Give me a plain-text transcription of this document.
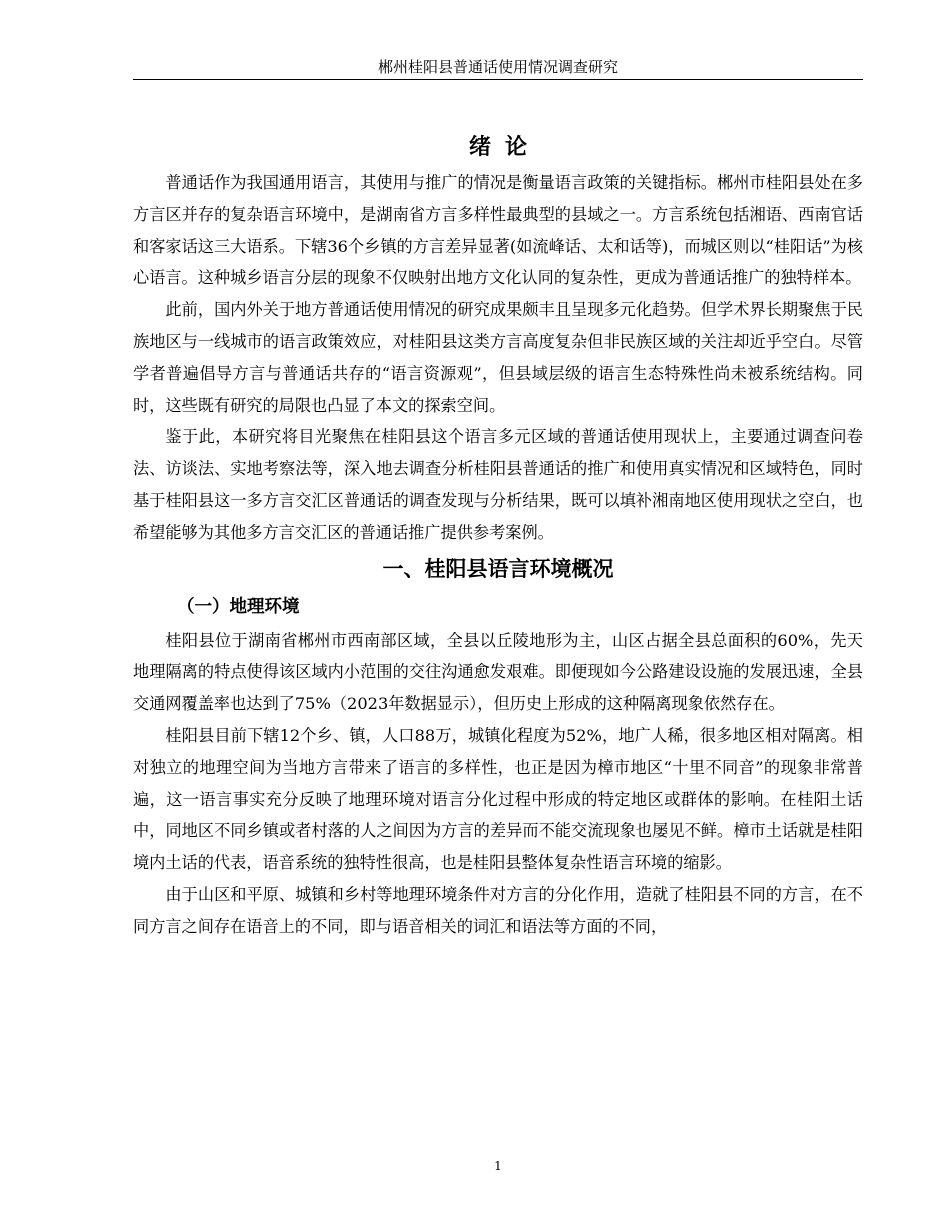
郴州桂阳县普通话使用情况调查研究
绪论

普通话作为我国通用语言，其使用与推广的情况是衡量语言政策的关键指标。郴州市桂阳县处在多方言区并存的复杂语言环境中，是湖南省方言多样性最典型的县域之一。方言系统包括湘语、西南官话和客家话这三大语系。下辖36个乡镇的方言差异显著(如流峰话、太和话等)，而城区则以“桂阳话”为核心语言。这种城乡语言分层的现象不仅映射出地方文化认同的复杂性，更成为普通话推广的独特样本。

此前，国内外关于地方普通话使用情况的研究成果颇丰且呈现多元化趋势。但学术界长期聚焦于民族地区与一线城市的语言政策效应，对桂阳县这类方言高度复杂但非民族区域的关注却近乎空白。尽管学者普遍倡导方言与普通话共存的“语言资源观”，但县域层级的语言生态特殊性尚未被系统结构。同时，这些既有研究的局限也凸显了本文的探索空间。

鉴于此，本研究将目光聚焦在桂阳县这个语言多元区域的普通话使用现状上，主要通过调查问卷法、访谈法、实地考察法等，深入地去调查分析桂阳县普通话的推广和使用真实情况和区域特色，同时基于桂阳县这一多方言交汇区普通话的调查发现与分析结果，既可以填补湘南地区使用现状之空白，也希望能够为其他多方言交汇区的普通话推广提供参考案例。

一、桂阳县语言环境概况
（一）地理环境

桂阳县位于湖南省郴州市西南部区域，全县以丘陵地形为主，山区占据全县总面积的60%，先天地理隔离的特点使得该区域内小范围的交往沟通愈发艰难。即便现如今公路建设设施的发展迅速，全县交通网覆盖率也达到了75%（2023年数据显示），但历史上形成的这种隔离现象依然存在。

桂阳县目前下辖12个乡、镇，人口88万，城镇化程度为52%，地广人稀，很多地区相对隔离。相对独立的地理空间为当地方言带来了语言的多样性，也正是因为樟市地区“十里不同音”的现象非常普遍，这一语言事实充分反映了地理环境对语言分化过程中形成的特定地区或群体的影响。在桂阳土话中，同地区不同乡镇或者村落的人之间因为方言的差异而不能交流现象也屡见不鲜。樟市土话就是桂阳境内土话的代表，语音系统的独特性很高，也是桂阳县整体复杂性语言环境的缩影。

由于山区和平原、城镇和乡村等地理环境条件对方言的分化作用，造就了桂阳县不同的方言，在不同方言之间存在语音上的不同，即与语音相关的词汇和语法等方面的不同，

1
